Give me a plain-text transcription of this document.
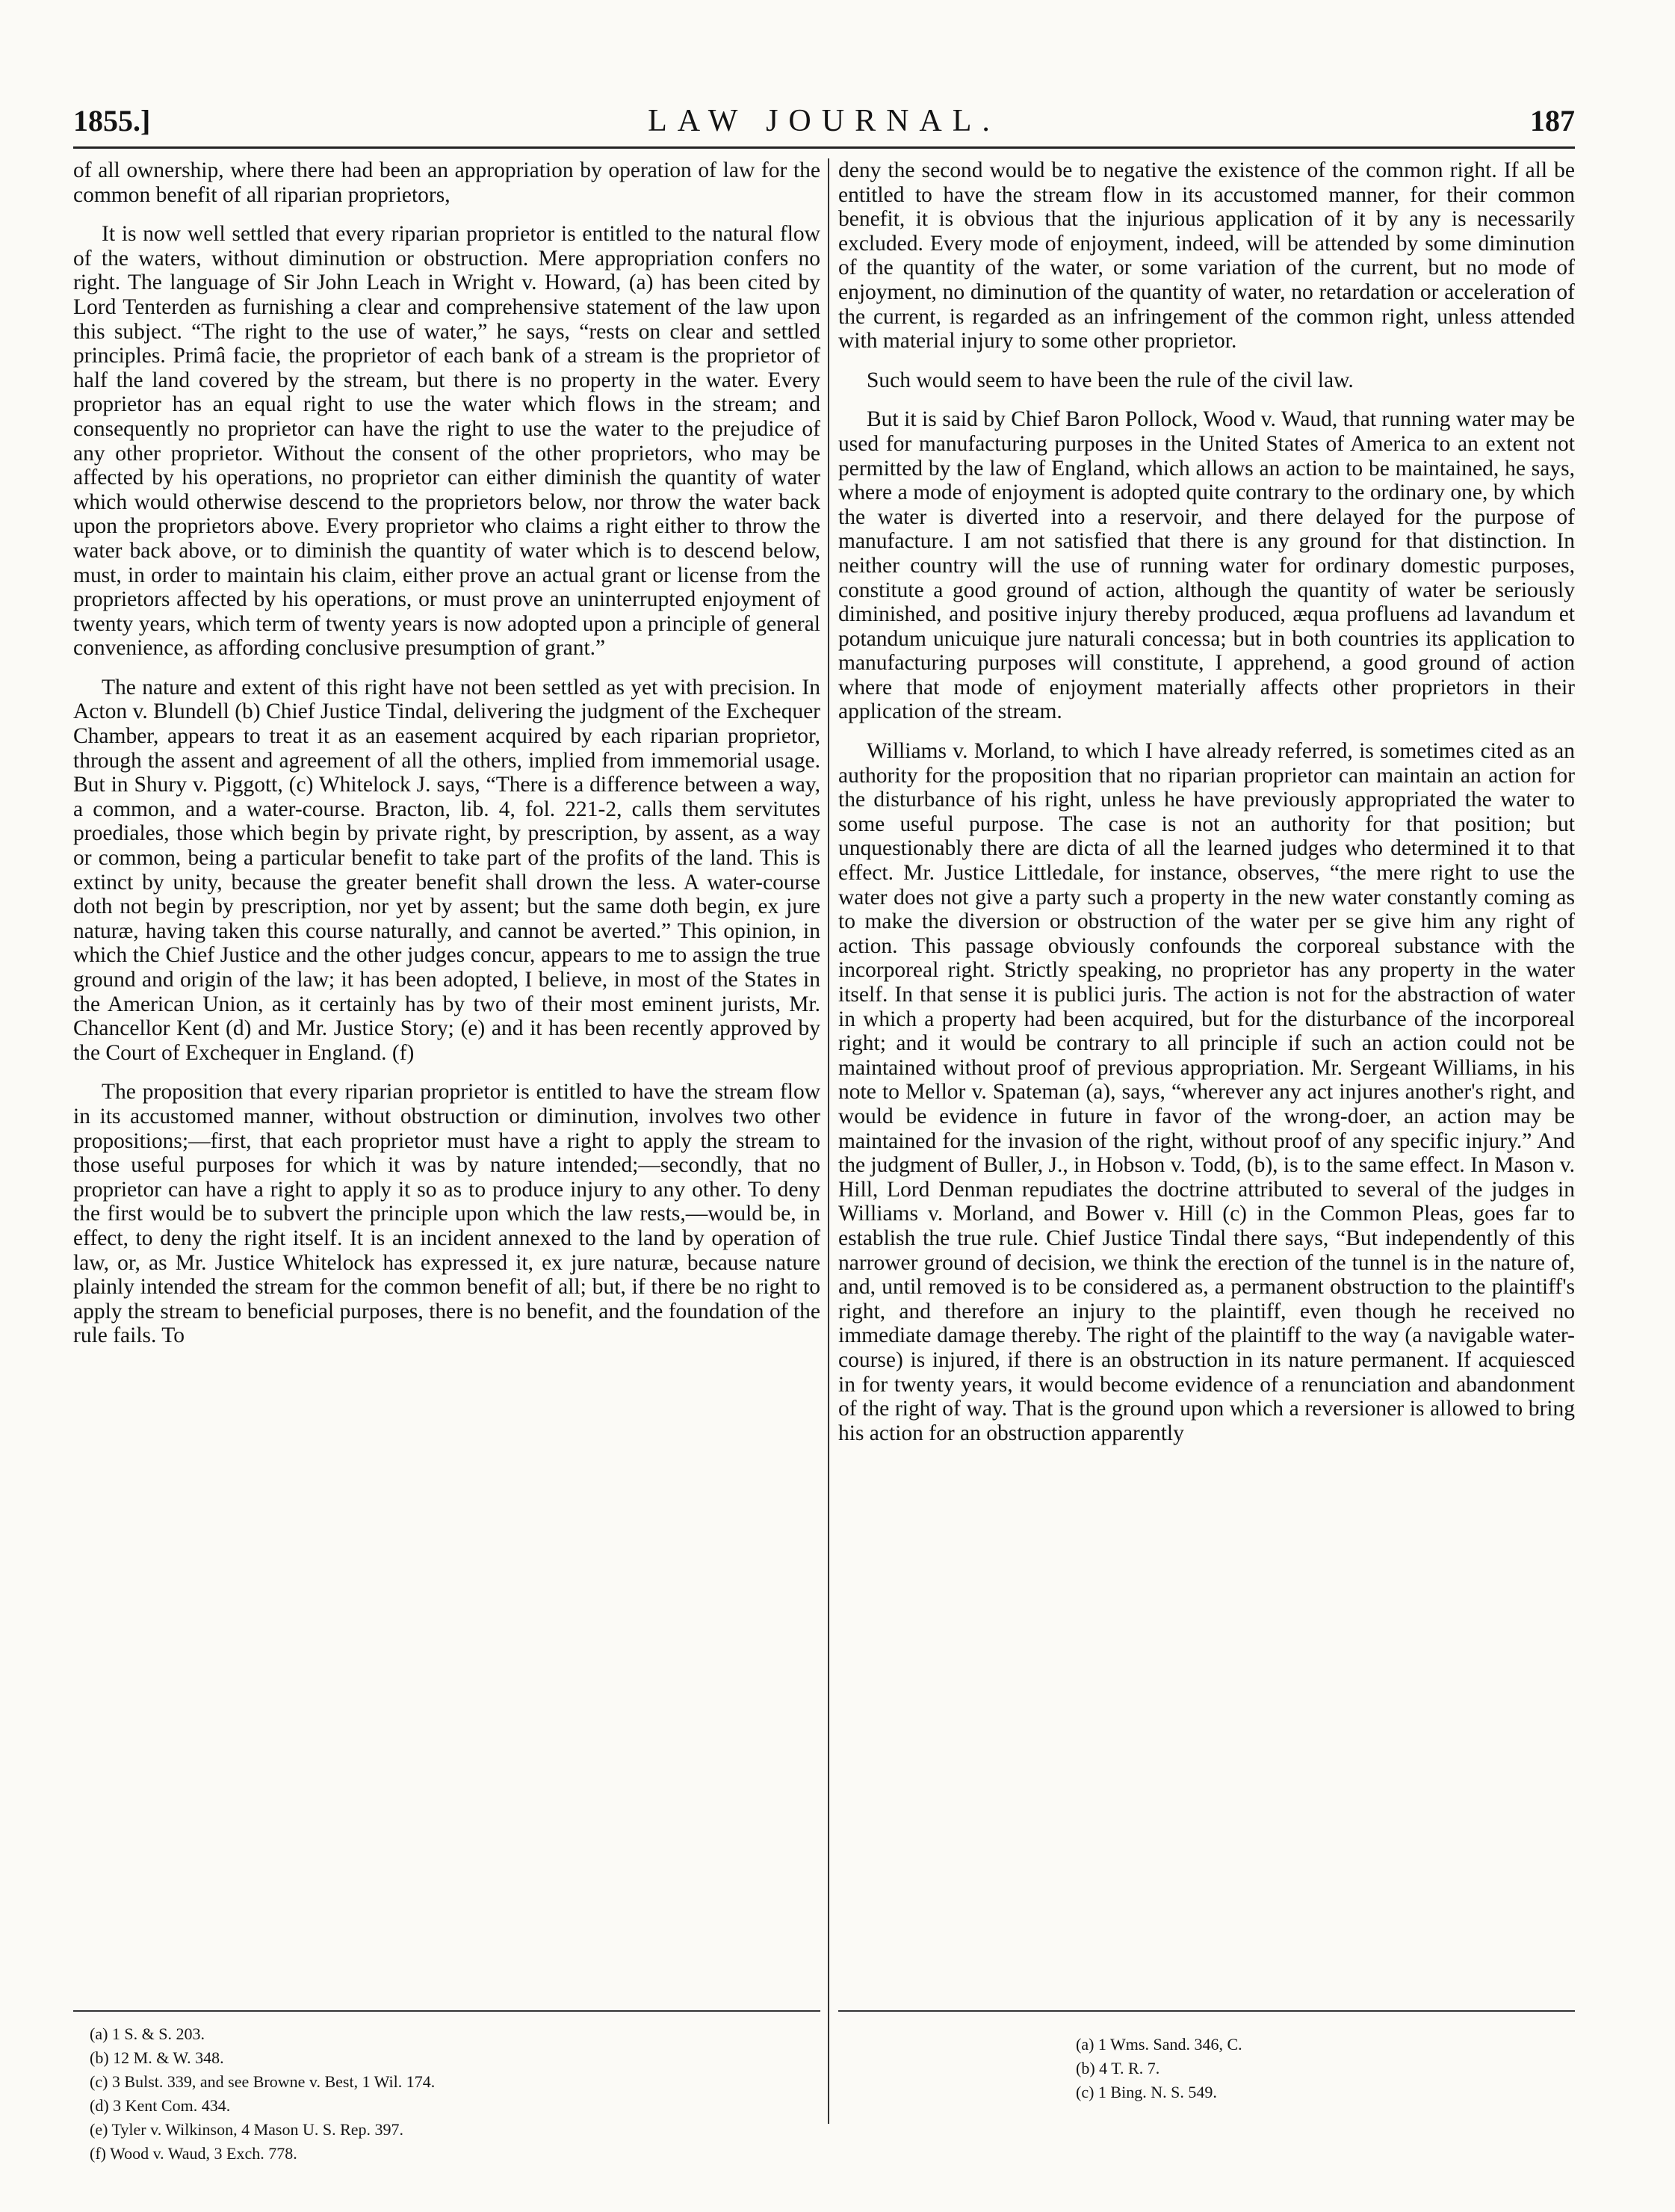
1855.]	LAW JOURNAL.	187

of all ownership, where there had been an appropriation by operation of law for the common benefit of all riparian proprietors,

It is now well settled that every riparian proprietor is entitled to the natural flow of the waters, without diminution or obstruction. Mere appropriation confers no right. The language of Sir John Leach in Wright v. Howard, (a) has been cited by Lord Tenterden as furnishing a clear and comprehensive statement of the law upon this subject. “The right to the use of water,” he says, “rests on clear and settled principles. Primâ facie, the proprietor of each bank of a stream is the proprietor of half the land covered by the stream, but there is no property in the water. Every proprietor has an equal right to use the water which flows in the stream; and consequently no proprietor can have the right to use the water to the prejudice of any other proprietor. Without the consent of the other proprietors, who may be affected by his operations, no proprietor can either diminish the quantity of water which would otherwise descend to the proprietors below, nor throw the water back upon the proprietors above. Every proprietor who claims a right either to throw the water back above, or to diminish the quantity of water which is to descend below, must, in order to maintain his claim, either prove an actual grant or license from the proprietors affected by his operations, or must prove an uninterrupted enjoyment of twenty years, which term of twenty years is now adopted upon a principle of general convenience, as affording conclusive presumption of grant.”

The nature and extent of this right have not been settled as yet with precision. In Acton v. Blundell (b) Chief Justice Tindal, delivering the judgment of the Exchequer Chamber, appears to treat it as an easement acquired by each riparian proprietor, through the assent and agreement of all the others, implied from immemorial usage. But in Shury v. Piggott, (c) Whitelock J. says, “There is a difference between a way, a common, and a water-course. Bracton, lib. 4, fol. 221-2, calls them servitutes proediales, those which begin by private right, by prescription, by assent, as a way or common, being a particular benefit to take part of the profits of the land. This is extinct by unity, because the greater benefit shall drown the less. A water-course doth not begin by prescription, nor yet by assent; but the same doth begin, ex jure naturæ, having taken this course naturally, and cannot be averted.” This opinion, in which the Chief Justice and the other judges concur, appears to me to assign the true ground and origin of the law; it has been adopted, I believe, in most of the States in the American Union, as it certainly has by two of their most eminent jurists, Mr. Chancellor Kent (d) and Mr. Justice Story; (e) and it has been recently approved by the Court of Exchequer in England. (f)

The proposition that every riparian proprietor is entitled to have the stream flow in its accustomed manner, without obstruction or diminution, involves two other propositions;—first, that each proprietor must have a right to apply the stream to those useful purposes for which it was by nature intended;—secondly, that no proprietor can have a right to apply it so as to produce injury to any other. To deny the first would be to subvert the principle upon which the law rests,—would be, in effect, to deny the right itself. It is an incident annexed to the land by operation of law, or, as Mr. Justice Whitelock has expressed it, ex jure naturæ, because nature plainly intended the stream for the common benefit of all; but, if there be no right to apply the stream to beneficial purposes, there is no benefit, and the foundation of the rule fails. To

deny the second would be to negative the existence of the common right. If all be entitled to have the stream flow in its accustomed manner, for their common benefit, it is obvious that the injurious application of it by any is necessarily excluded. Every mode of enjoyment, indeed, will be attended by some diminution of the quantity of the water, or some variation of the current, but no mode of enjoyment, no diminution of the quantity of water, no retardation or acceleration of the current, is regarded as an infringement of the common right, unless attended with material injury to some other proprietor.

Such would seem to have been the rule of the civil law.

But it is said by Chief Baron Pollock, Wood v. Waud, that running water may be used for manufacturing purposes in the United States of America to an extent not permitted by the law of England, which allows an action to be maintained, he says, where a mode of enjoyment is adopted quite contrary to the ordinary one, by which the water is diverted into a reservoir, and there delayed for the purpose of manufacture. I am not satisfied that there is any ground for that distinction. In neither country will the use of running water for ordinary domestic purposes, constitute a good ground of action, although the quantity of water be seriously diminished, and positive injury thereby produced, æqua profluens ad lavandum et potandum unicuique jure naturali concessa; but in both countries its application to manufacturing purposes will constitute, I apprehend, a good ground of action where that mode of enjoyment materially affects other proprietors in their application of the stream.

Williams v. Morland, to which I have already referred, is sometimes cited as an authority for the proposition that no riparian proprietor can maintain an action for the disturbance of his right, unless he have previously appropriated the water to some useful purpose. The case is not an authority for that position; but unquestionably there are dicta of all the learned judges who determined it to that effect. Mr. Justice Littledale, for instance, observes, “the mere right to use the water does not give a party such a property in the new water constantly coming as to make the diversion or obstruction of the water per se give him any right of action. This passage obviously confounds the corporeal substance with the incorporeal right. Strictly speaking, no proprietor has any property in the water itself. In that sense it is publici juris. The action is not for the abstraction of water in which a property had been acquired, but for the disturbance of the incorporeal right; and it would be contrary to all principle if such an action could not be maintained without proof of previous appropriation. Mr. Sergeant Williams, in his note to Mellor v. Spateman (a), says, “wherever any act injures another's right, and would be evidence in future in favor of the wrong-doer, an action may be maintained for the invasion of the right, without proof of any specific injury.” And the judgment of Buller, J., in Hobson v. Todd, (b), is to the same effect. In Mason v. Hill, Lord Denman repudiates the doctrine attributed to several of the judges in Williams v. Morland, and Bower v. Hill (c) in the Common Pleas, goes far to establish the true rule. Chief Justice Tindal there says, “But independently of this narrower ground of decision, we think the erection of the tunnel is in the nature of, and, until removed is to be considered as, a permanent obstruction to the plaintiff's right, and therefore an injury to the plaintiff, even though he received no immediate damage thereby. The right of the plaintiff to the way (a navigable water-course) is injured, if there is an obstruction in its nature permanent. If acquiesced in for twenty years, it would become evidence of a renunciation and abandonment of the right of way. That is the ground upon which a reversioner is allowed to bring his action for an obstruction apparently

(a) 1 S. & S. 203.
(b) 12 M. & W. 348.
(c) 3 Bulst. 339, and see Browne v. Best, 1 Wil. 174.
(d) 3 Kent Com. 434.
(e) Tyler v. Wilkinson, 4 Mason U. S. Rep. 397.
(f) Wood v. Waud, 3 Exch. 778.
(a) 1 Wms. Sand. 346, C.
(b) 4 T. R. 7.
(c) 1 Bing. N. S. 549.
